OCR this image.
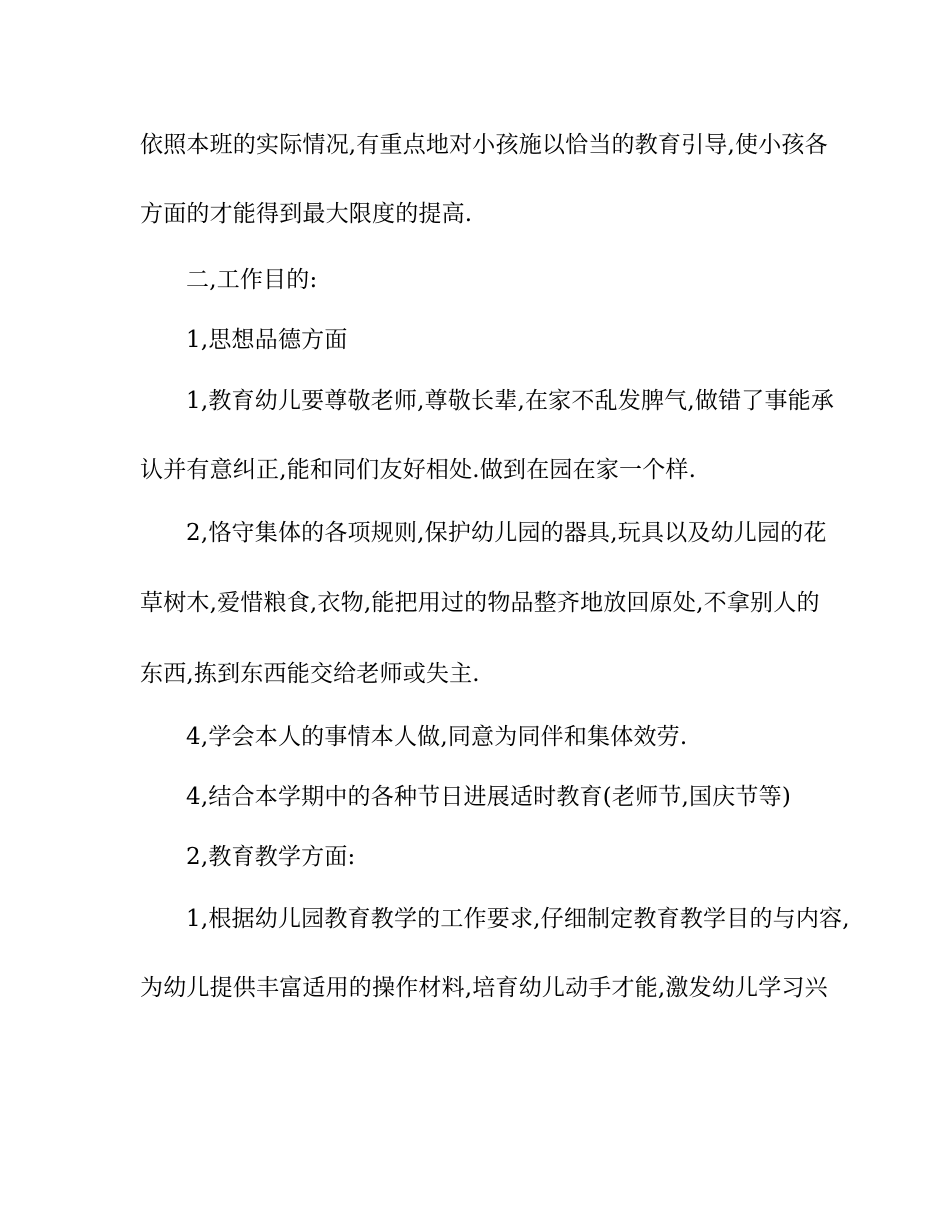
依照本班的实际情况,有重点地对小孩施以恰当的教育引导,使小孩各
方面的才能得到最大限度的提高.
二,工作目的:
1,思想品德方面
1,教育幼儿要尊敬老师,尊敬长辈,在家不乱发脾气,做错了事能承
认并有意纠正,能和同们友好相处.做到在园在家一个样.
2,恪守集体的各项规则,保护幼儿园的器具,玩具以及幼儿园的花
草树木,爱惜粮食,衣物,能把用过的物品整齐地放回原处,不拿别人的
东西,拣到东西能交给老师或失主.
4,学会本人的事情本人做,同意为同伴和集体效劳.
4,结合本学期中的各种节日进展适时教育(老师节,国庆节等)
2,教育教学方面:
1,根据幼儿园教育教学的工作要求,仔细制定教育教学目的与内容,
为幼儿提供丰富适用的操作材料,培育幼儿动手才能,激发幼儿学习兴
